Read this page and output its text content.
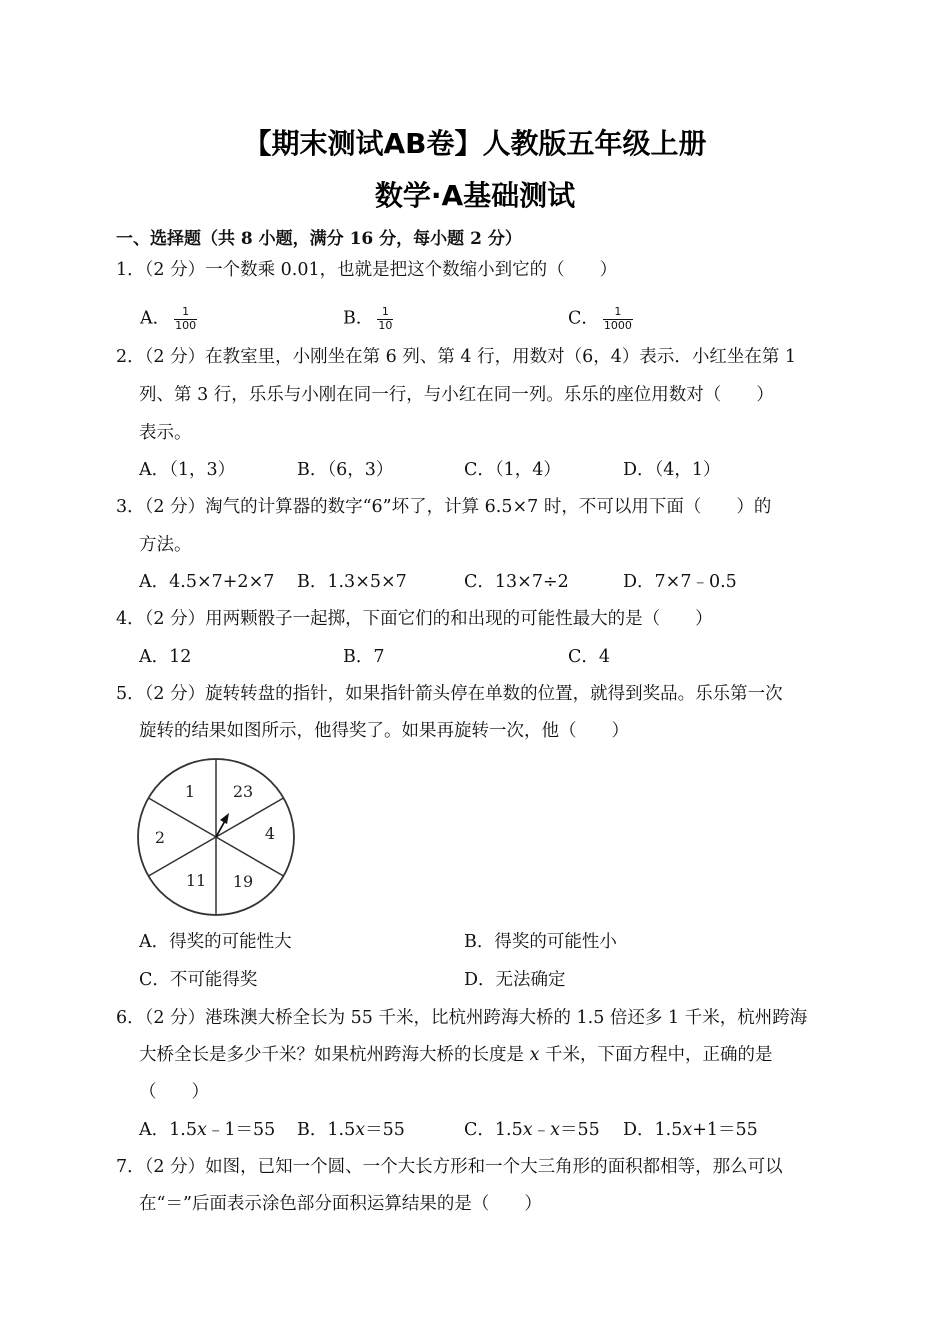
【期末测试AB卷】人教版五年级上册
数学·A基础测试
一、选择题（共 8 小题，满分 16 分，每小题 2 分）
1．（2 分）一个数乘 0.01，也就是把这个数缩小到它的（　　）
A． $\frac{1}{100}$	B． $\frac{1}{10}$	C． $\frac{1}{1000}$
2．（2 分）在教室里，小刚坐在第 6 列、第 4 行，用数对（6，4）表示．小红坐在第 1
列、第 3 行，乐乐与小刚在同一行，与小红在同一列。乐乐的座位用数对（　　）
表示。
A．（1，3）	B．（6，3）	C．（1，4）	D．（4，1）
3．（2 分）淘气的计算器的数字“6”坏了，计算 6.5×7 时，不可以用下面（　　）的
方法。
A．4.5×7+2×7 B．1.3×5×7	C．13×7÷2	D．7×7﹣0.5
4．（2 分）用两颗骰子一起掷，下面它们的和出现的可能性最大的是（　　）
A．12	B．7	C．4
5．（2 分）旋转转盘的指针，如果指针箭头停在单数的位置，就得到奖品。乐乐第一次
旋转的结果如图所示，他得奖了。如果再旋转一次，他（　　）
1 23
4
19
11
2
A．得奖的可能性大	B．得奖的可能性小
C．不可能得奖	D．无法确定
6．（2 分）港珠澳大桥全长为 55 千米，比杭州跨海大桥的 1.5 倍还多 1 千米，杭州跨海
大桥全长是多少千米？如果杭州跨海大桥的长度是 x 千米，下面方程中，正确的是
（　　）
A．1.5x﹣1＝55 B．1.5x＝55	C．1.5x﹣x＝55 D．1.5x+1＝55
7．（2 分）如图，已知一个圆、一个大长方形和一个大三角形的面积都相等，那么可以
在“＝”后面表示涂色部分面积运算结果的是（　　）
